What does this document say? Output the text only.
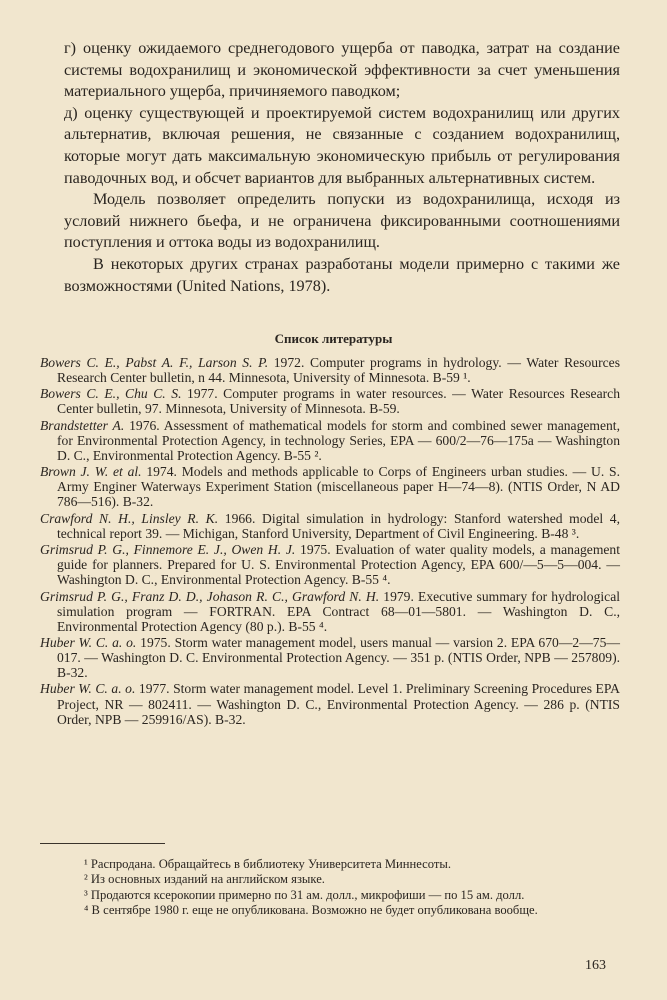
г) оценку ожидаемого среднегодового ущерба от паводка, затрат на создание системы водохранилищ и экономической эффективности за счет уменьшения материального ущерба, причиняемого паводком;

д) оценку существующей и проектируемой систем водохранилищ или других альтернатив, включая решения, не связанные с созданием водохранилищ, которые могут дать максимальную экономическую прибыль от регулирования паводочных вод, и обсчет вариантов для выбранных альтернативных систем.

Модель позволяет определить попуски из водохранилища, исходя из условий нижнего бьефа, и не ограничена фиксированными соотношениями поступления и оттока воды из водохранилищ.

В некоторых других странах разработаны модели примерно с такими же возможностями (United Nations, 1978).

Список литературы

Bowers C. E., Pabst A. F., Larson S. P. 1972. Computer programs in hydrology. — Water Resources Research Center bulletin, n 44. Minnesota, University of Minnesota. B-59 ¹.

Bowers C. E., Chu C. S. 1977. Computer programs in water resources. — Water Resources Research Center bulletin, 97. Minnesota, University of Minnesota. B-59.

Brandstetter A. 1976. Assessment of mathematical models for storm and combined sewer management, for Environmental Protection Agency, in technology Series, EPA — 600/2—76—175a — Washington D. C., Environmental Protection Agency. B-55 ².

Brown J. W. et al. 1974. Models and methods applicable to Corps of Engineers urban studies. — U. S. Army Enginer Waterways Experiment Station (miscellaneous paper H—74—8). (NTIS Order, N AD 786—516). B-32.

Crawford N. H., Linsley R. K. 1966. Digital simulation in hydrology: Stanford watershed model 4, technical report 39. — Michigan, Stanford University, Department of Civil Engineering. B-48 ³.

Grimsrud P. G., Finnemore E. J., Owen H. J. 1975. Evaluation of water quality models, a management guide for planners. Prepared for U. S. Environmental Protection Agency, EPA 600/—5—5—004. — Washington D. C., Environmental Protection Agency. B-55 ⁴.

Grimsrud P. G., Franz D. D., Johason R. C., Grawford N. H. 1979. Executive summary for hydrological simulation program — FORTRAN. EPA Contract 68—01—5801. — Washington D. C., Environmental Protection Agency (80 p.). B-55 ⁴.

Huber W. C. a. o. 1975. Storm water management model, users manual — varsion 2. EPA 670—2—75—017. — Washington D. C. Environmental Protection Agency. — 351 p. (NTIS Order, NPB — 257809). B-32.

Huber W. C. a. o. 1977. Storm water management model. Level 1. Preliminary Screening Procedures EPA Project, NR — 802411. — Washington D. C., Environmental Protection Agency. — 286 p. (NTIS Order, NPB — 259916/AS). B-32.

¹ Распродана. Обращайтесь в библиотеку Университета Миннесоты.

² Из основных изданий на английском языке.

³ Продаются ксерокопии примерно по 31 ам. долл., микрофиши — по 15 ам. долл.

⁴ В сентябре 1980 г. еще не опубликована. Возможно не будет опубликована вообще.

163
